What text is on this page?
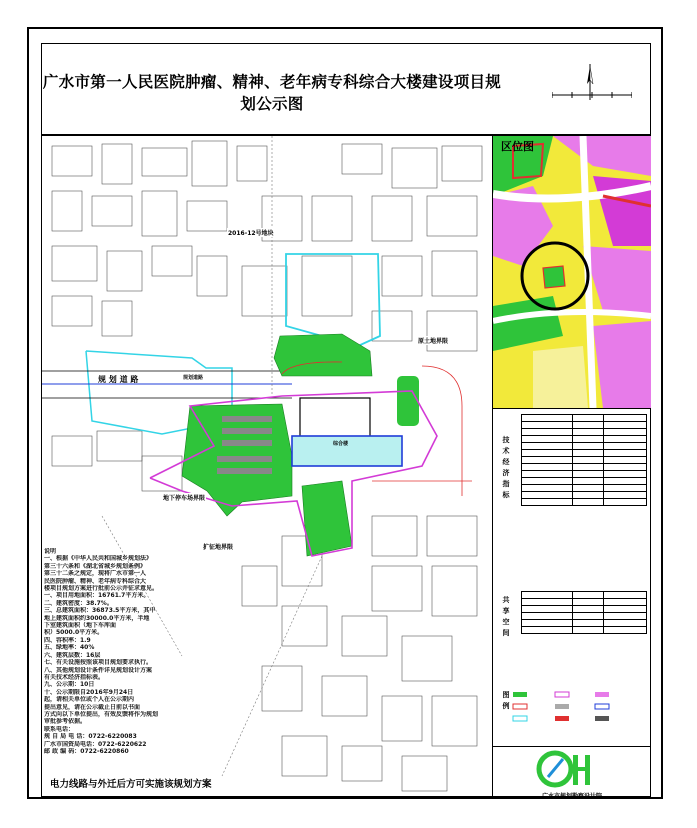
广水市第一人民医院肿瘤、精神、老年病专科综合大楼建设项目规划公示图
2016-12号地块
规 划 道 路	规划道路
原土地界限
综合楼
地下停车场界限
扩征地界限
说明
一、根据《中华人民共和国城乡规划法》
第三十六条和《湖北省城乡规划条例》
第三十二条之规定，现将广水市第一人
民医院肿瘤、精神、老年病专科综合大
楼项目规划方案进行批前公示并征求意见。
一、项目用地面积：16761.7平方米。
二、建筑密度：38.7%。
三、总建筑面积：36873.5平方米，其中
地上建筑面积约30000.0平方米，半地
下室建筑面积（地下车库面
积）5000.0平方米。
四、容积率：1.9
五、绿地率：40%
六、建筑层数：16层
七、有关设施按照该项目规划要求执行。
八、其他规划设计条件详见规划设计方案
有关技术经济指标表。
九、公示期：10日
十、公示期限自2016年9月24日
起，请相关单位或个人在公示期内
提出意见，请在公示截止日前以书面
方式向以下单位提出，有效反馈将作为规划
审批参考依据。
联系电话：
规 自 局 电 话：0722-6220083
广水市国资局电话：0722-6220622
邮 政 编 码：0722-6220860
电力线路与外迁后方可实施该规划方案
区位图
技术经济指标

共享空间

图例
广水市规划勘察设计院
